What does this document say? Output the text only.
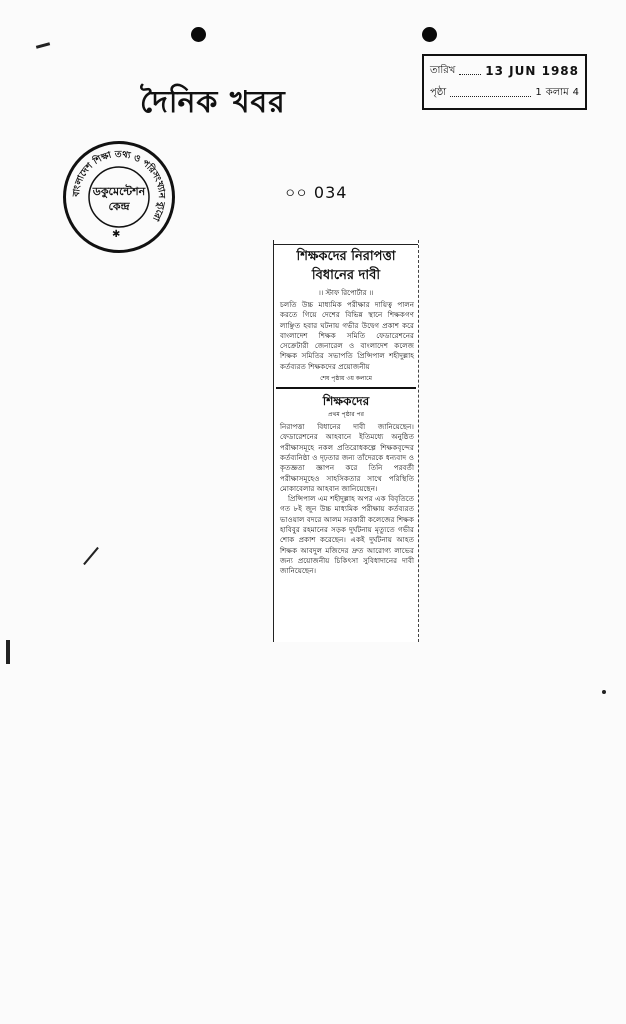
দৈনিক খবর
তারিখ 13 JUN 1988
পৃষ্ঠা	1 কলাম 4
বাংলাদেশ শিক্ষা তথ্য ও পরিসংখ্যান ব্যুরো
ডকুমেন্টেশন
কেন্দ্র
✱
০০ 034
শিক্ষকদের নিরাপত্তা বিধানের দাবী
।। স্টাফ রিপোর্টার ।।
চলতি উচ্চ মাধ্যমিক পরীক্ষার দায়িত্ব পালন করতে গিয়ে দেশের বিভিন্ন স্থানে শিক্ষকগণ লাঞ্ছিত হবার ঘটনায় গভীর উদ্বেগ প্রকাশ করে বাংলাদেশ শিক্ষক সমিতি ফেডারেশনের সেক্রেটারী জেনারেল ও বাংলাদেশ কলেজ শিক্ষক সমিতির সভাপতি প্রিন্সিপাল শহীদুল্লাহ কর্তব্যরত শিক্ষকদের প্রয়োজনীয়
শেষ পৃষ্ঠায় ৩য় কলামে
শিক্ষকদের
প্রথম পৃষ্ঠার পর
নিরাপত্তা বিধানের দাবী জানিয়েছেন। ফেডারেশনের আহবানে ইতিমধ্যে অনুষ্ঠিত পরীক্ষাসমূহে নকল প্রতিরোধকল্পে শিক্ষকবৃন্দের কর্তব্যনিষ্ঠা ও দৃঢ়তার জন্য তাঁদেরকে ধন্যবাদ ও কৃতজ্ঞতা জ্ঞাপন করে তিনি পরবর্তী পরীক্ষাসমূহেও সাহসিকতার সাথে পরিস্থিতি মোকাবেলার আহবান জানিয়েছেন।
প্রিন্সিপাল এম শহীদুল্লাহ অপর এক বিবৃতিতে গত ৮ই জুন উচ্চ মাধ্যমিক পরীক্ষায় কর্তব্যরত ভাওয়াল বদরে আলম সরকারী কলেজের শিক্ষক হাবিবুর রহমানের সড়ক দুর্ঘটনায় মৃত্যুতে গভীর শোক প্রকাশ করেছেন। একই দুর্ঘটনায় আহত শিক্ষক আবদুল মজিদের দ্রুত আরোগ্য লাভের জন্য প্রয়োজনীয় চিকিৎসা সুবিধাদানের দাবী জানিয়েছেন।
